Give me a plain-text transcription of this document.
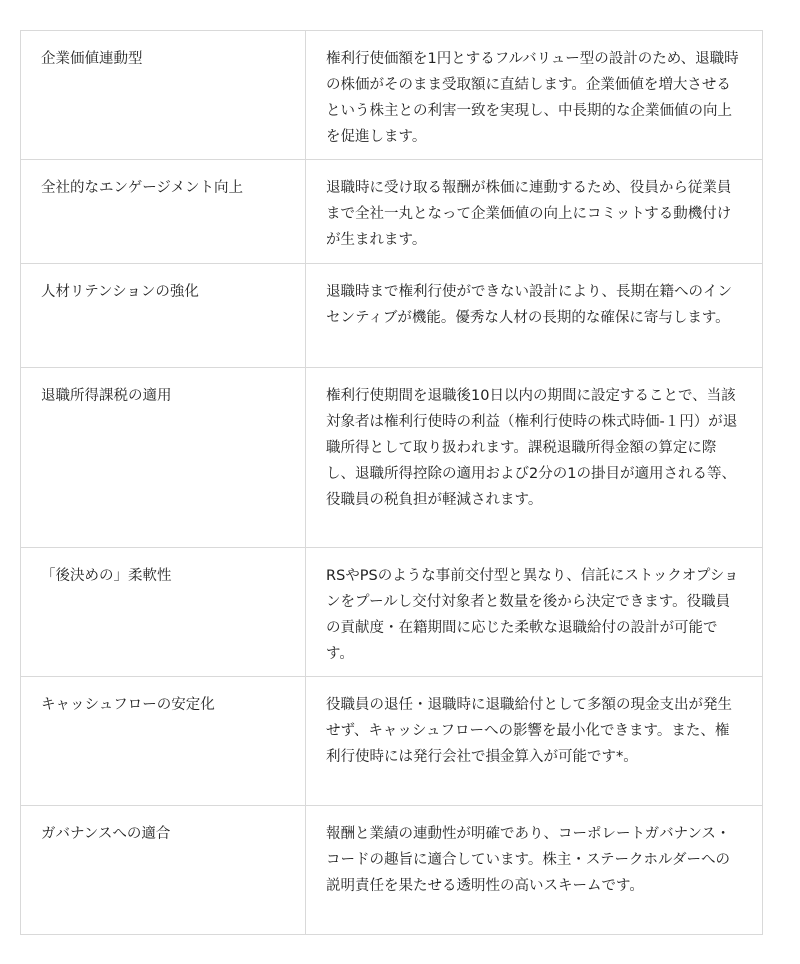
企業価値連動型	権利行使価額を1円とするフルバリュー型の設計のため、退職時の株価がそのまま受取額に直結します。企業価値を増大させるという株主との利害一致を実現し、中長期的な企業価値の向上を促進します。
全社的なエンゲージメント向上	退職時に受け取る報酬が株価に連動するため、役員から従業員まで全社一丸となって企業価値の向上にコミットする動機付けが生まれます。
人材リテンションの強化	退職時まで権利行使ができない設計により、長期在籍へのインセンティブが機能。優秀な人材の長期的な確保に寄与します。
退職所得課税の適用	権利行使期間を退職後10日以内の期間に設定することで、当該対象者は権利行使時の利益（権利行使時の株式時価-１円）が退職所得として取り扱われます。課税退職所得金額の算定に際し、退職所得控除の適用および2分の1の掛目が適用される等、役職員の税負担が軽減されます。
「後決めの」柔軟性	RSやPSのような事前交付型と異なり、信託にストックオプションをプールし交付対象者と数量を後から決定できます。役職員の貢献度・在籍期間に応じた柔軟な退職給付の設計が可能です。
キャッシュフローの安定化	役職員の退任・退職時に退職給付として多額の現金支出が発生せず、キャッシュフローへの影響を最小化できます。また、権利行使時には発行会社で損金算入が可能です*。
ガバナンスへの適合	報酬と業績の連動性が明確であり、コーポレートガバナンス・コードの趣旨に適合しています。株主・ステークホルダーへの説明責任を果たせる透明性の高いスキームです。
